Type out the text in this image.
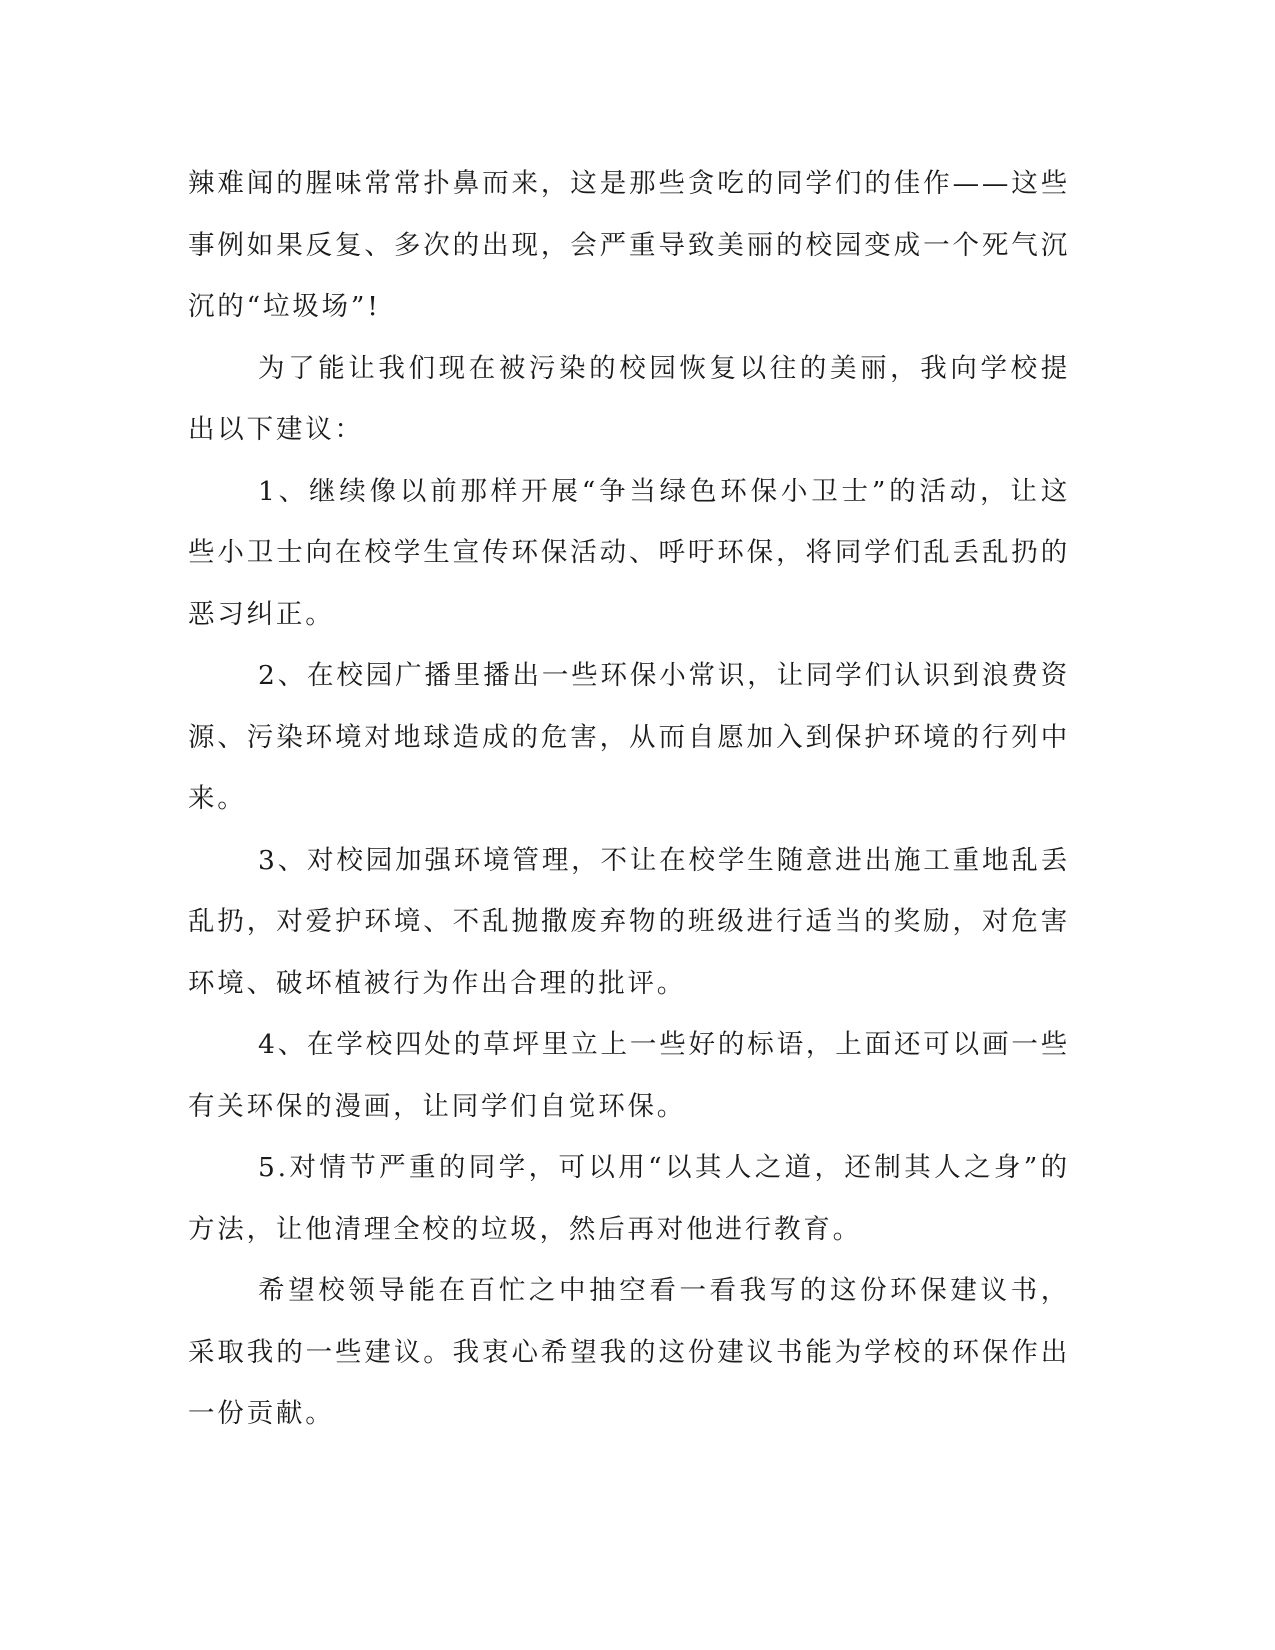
辣难闻的腥味常常扑鼻而来，这是那些贪吃的同学们的佳作——这些事例如果反复、多次的出现，会严重导致美丽的校园变成一个死气沉沉的“垃圾场”!

为了能让我们现在被污染的校园恢复以往的美丽，我向学校提出以下建议：

1、继续像以前那样开展“争当绿色环保小卫士”的活动，让这些小卫士向在校学生宣传环保活动、呼吁环保，将同学们乱丢乱扔的恶习纠正。

2、在校园广播里播出一些环保小常识，让同学们认识到浪费资源、污染环境对地球造成的危害，从而自愿加入到保护环境的行列中来。

3、对校园加强环境管理，不让在校学生随意进出施工重地乱丢乱扔，对爱护环境、不乱抛撒废弃物的班级进行适当的奖励，对危害环境、破坏植被行为作出合理的批评。

4、在学校四处的草坪里立上一些好的标语，上面还可以画一些有关环保的漫画，让同学们自觉环保。

5.对情节严重的同学，可以用“以其人之道，还制其人之身”的方法，让他清理全校的垃圾，然后再对他进行教育。

希望校领导能在百忙之中抽空看一看我写的这份环保建议书，采取我的一些建议。我衷心希望我的这份建议书能为学校的环保作出一份贡献。
